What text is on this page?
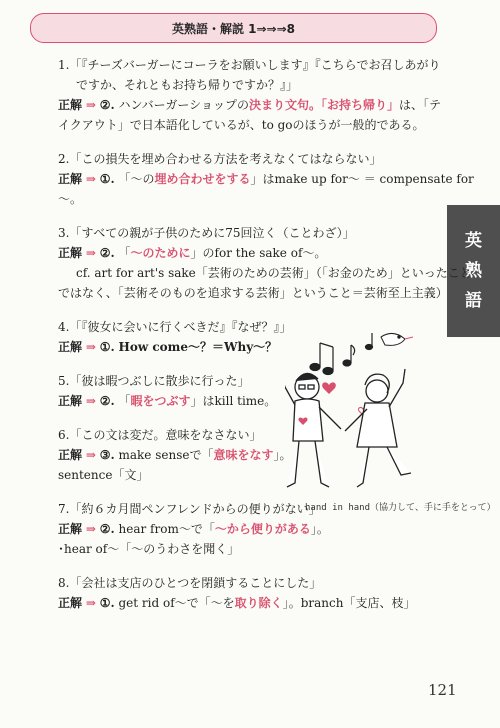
英熟語・解説 1⇒⇒⇒8
英
熟
語
1.「『チーズバーガーにコーラをお願いします』『こちらでお召しあがり
ですか、それともお持ち帰りですか？』」
正解 ⇒ ②. ハンバーガーショップの決まり文句。「お持ち帰り」は、「テ
イクアウト」で日本語化しているが、to goのほうが一般的である。
2.「この損失を埋め合わせる方法を考えなくてはならない」
正解 ⇒ ①. 「～の埋め合わせをする」はmake up for～ ＝ compensate for
～。
3.「すべての親が子供のために75回泣く（ことわざ）」
正解 ⇒ ②. 「～のために」のfor the sake of～。
cf. art for art's sake「芸術のための芸術」（「お金のため」といったこと
ではなく、「芸術そのものを追求する芸術」ということ＝芸術至上主義）
4.「『彼女に会いに行くべきだ』『なぜ？』」
正解 ⇒ ①. How come～？＝Why～？
5.「彼は暇つぶしに散歩に行った」
正解 ⇒ ②. 「暇をつぶす」はkill time。
6.「この文は変だ。意味をなさない」
正解 ⇒ ③. make senseで「意味をなす」。
sentence「文」
7.「約６カ月間ペンフレンドからの便りがない」
正解 ⇒ ②. hear from～で「～から便りがある」。
･hear of～「～のうわさを聞く」
8.「会社は支店のひとつを閉鎖することにした」
正解 ⇒ ①. get rid of～で「～を取り除く」。branch「支店、枝」
hand in hand（協力して、手に手をとって）
121
